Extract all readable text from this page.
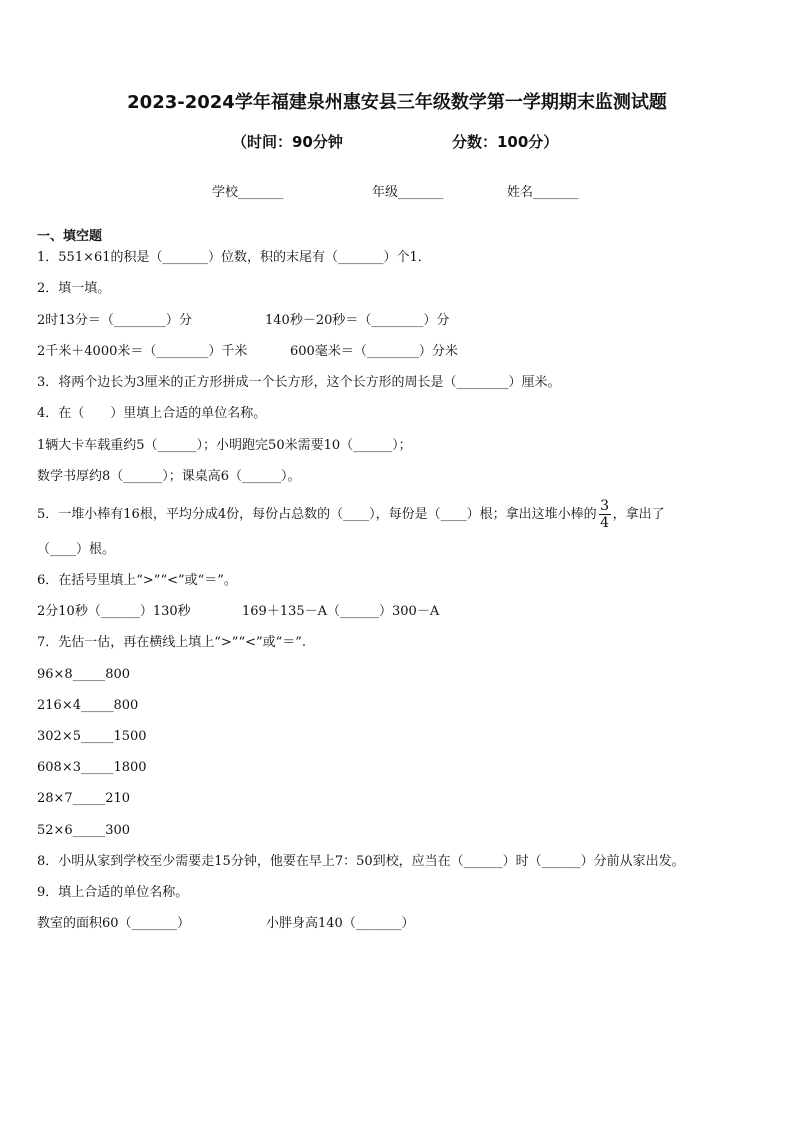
2023-2024学年福建泉州惠安县三年级数学第一学期期末监测试题
（时间：90分钟	分数：100分）
学校_______	年级_______	姓名_______
一、填空题
1．551×61的积是（_______）位数，积的末尾有（_______）个1．
2．填一填。
2时13分＝（________）分	140秒－20秒＝（________）分
2千米＋4000米＝（________）千米	600毫米＝（________）分米
3．将两个边长为3厘米的正方形拼成一个长方形，这个长方形的周长是（________）厘米。
4．在（　　）里填上合适的单位名称。
1辆大卡车载重约5（______）；小明跑完50米需要10（______）；
数学书厚约8（______）；课桌高6（______）。
5．一堆小棒有16根，平均分成4份，每份占总数的（____），每份是（____）根；拿出这堆小棒的 $\frac{3}{4}$ ，拿出了
（____）根。
6．在括号里填上“>”“<”或“＝”。
2分10秒（______）130秒	169＋135－A（______）300－A
7．先估一估，再在横线上填上“>”“<”或“＝”.
96×8_____800
216×4_____800
302×5_____1500
608×3_____1800
28×7_____210
52×6_____300
8．小明从家到学校至少需要走15分钟，他要在早上7：50到校，应当在（______）时（______）分前从家出发。
9．填上合适的单位名称。
教室的面积60（_______）	小胖身高140（_______）
